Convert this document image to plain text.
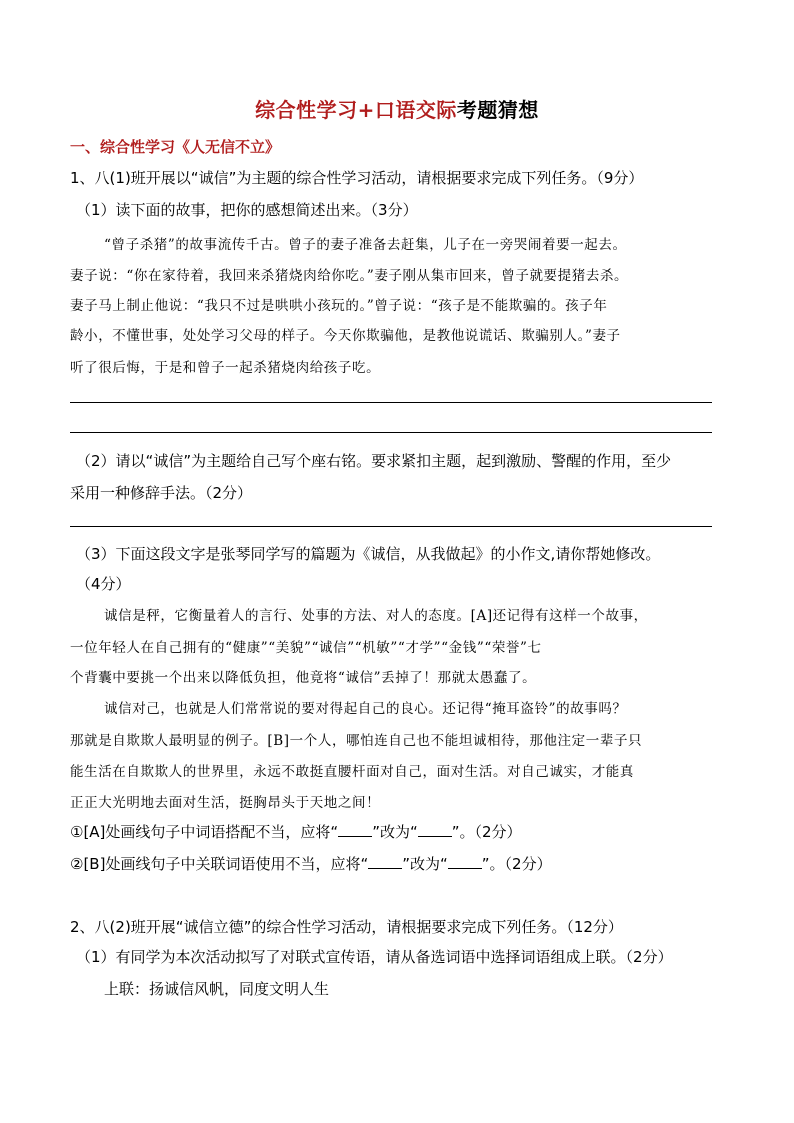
综合性学习+口语交际考题猜想
一、综合性学习《人无信不立》
1、八(1)班开展以“诚信”为主题的综合性学习活动，请根据要求完成下列任务。（9分）
（1）读下面的故事，把你的感想简述出来。（3分）
“曾子杀猪”的故事流传千古。曾子的妻子准备去赶集，儿子在一旁哭闹着要一起去。
妻子说：“你在家待着，我回来杀猪烧肉给你吃。”妻子刚从集市回来，曾子就要提猪去杀。
妻子马上制止他说：“我只不过是哄哄小孩玩的。”曾子说：“孩子是不能欺骗的。孩子年
龄小，不懂世事，处处学习父母的样子。今天你欺骗他，是教他说谎话、欺骗别人。”妻子
听了很后悔，于是和曾子一起杀猪烧肉给孩子吃。
（2）请以“诚信”为主题给自己写个座右铭。要求紧扣主题，起到激励、警醒的作用，至少
采用一种修辞手法。（2分）
（3）下面这段文字是张琴同学写的篇题为《诚信，从我做起》的小作文,请你帮她修改。
（4分）
诚信是秤，它衡量着人的言行、处事的方法、对人的态度。[A]还记得有这样一个故事，
一位年轻人在自己拥有的“健康”“美貌”“诚信”“机敏”“才学”“金钱”“荣誉”七
个背囊中要挑一个出来以降低负担，他竟将“诚信”丢掉了！那就太愚蠢了。
诚信对己，也就是人们常常说的要对得起自己的良心。还记得“掩耳盗铃”的故事吗？
那就是自欺欺人最明显的例子。[B]一个人，哪怕连自己也不能坦诚相待，那他注定一辈子只
能生活在自欺欺人的世界里，永远不敢挺直腰杆面对自己，面对生活。对自己诚实，才能真
正正大光明地去面对生活，挺胸昂头于天地之间！
①[A]处画线句子中词语搭配不当，应将“ ”改为“ ”。（2分）
②[B]处画线句子中关联词语使用不当，应将“ ”改为“ ”。（2分）
2、八(2)班开展“诚信立德”的综合性学习活动，请根据要求完成下列任务。（12分）
（1）有同学为本次活动拟写了对联式宣传语，请从备选词语中选择词语组成上联。（2分）
上联：扬诚信风帆，同度文明人生
